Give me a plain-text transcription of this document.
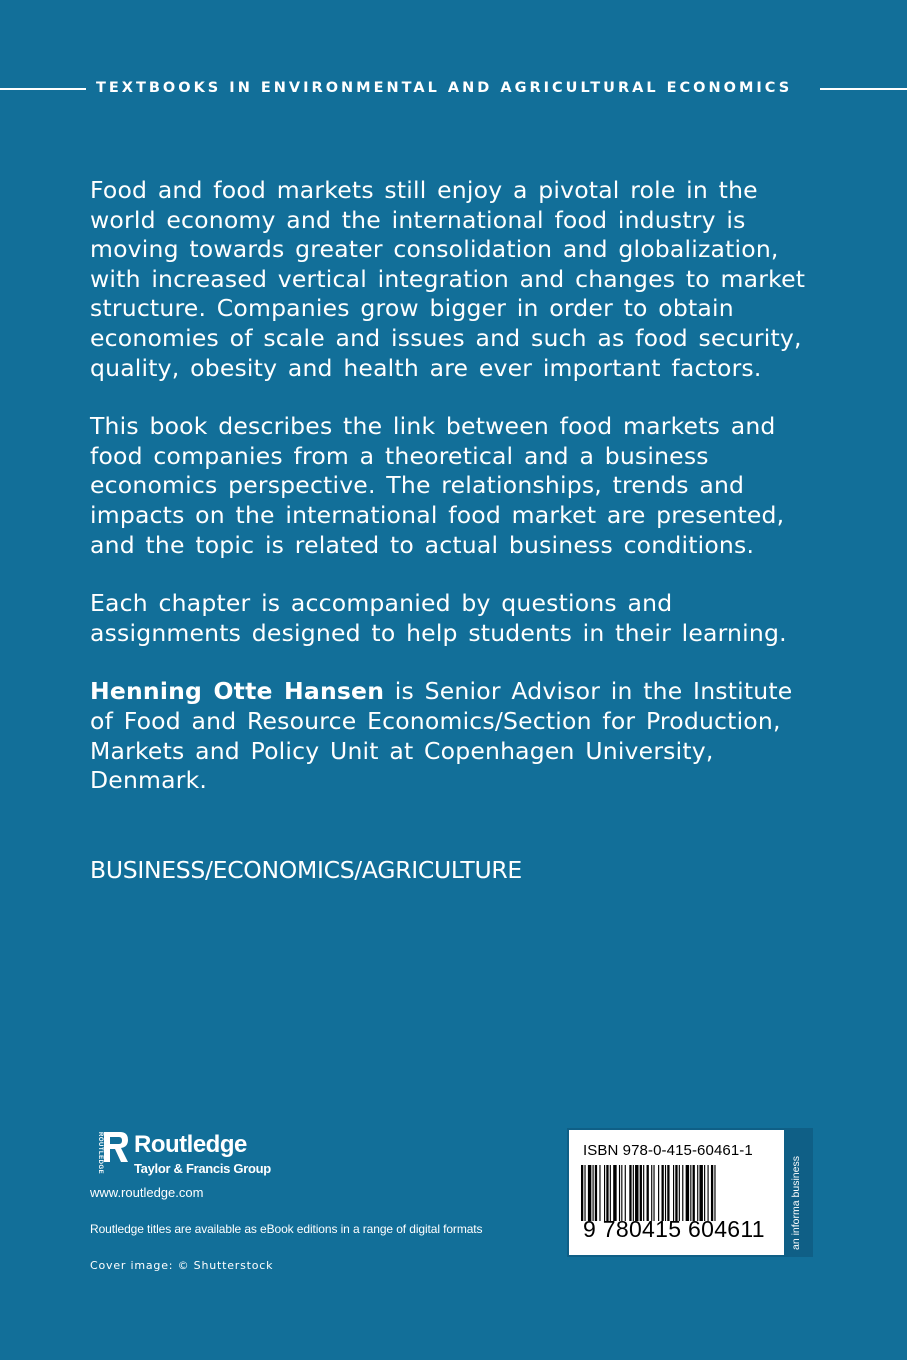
TEXTBOOKS IN ENVIRONMENTAL AND AGRICULTURAL ECONOMICS

Food and food markets still enjoy a pivotal role in the world economy and the international food industry is moving towards greater consolidation and globalization, with increased vertical integration and changes to market structure. Companies grow bigger in order to obtain economies of scale and issues and such as food security, quality, obesity and health are ever important factors.

This book describes the link between food markets and food companies from a theoretical and a business economics perspective. The relationships, trends and impacts on the international food market are presented, and the topic is related to actual business conditions.

Each chapter is accompanied by questions and assignments designed to help students in their learning.

Henning Otte Hansen is Senior Advisor in the Institute of Food and Resource Economics/Section for Production, Markets and Policy Unit at Copenhagen University, Denmark.

BUSINESS/ECONOMICS/AGRICULTURE
ROUTLEDGE Routledge
Taylor & Francis Group
www.routledge.com
Routledge titles are available as eBook editions in a range of digital formats
Cover image: © Shutterstock
ISBN 978-0-415-60461-1
9 780415 604611 an informa business
